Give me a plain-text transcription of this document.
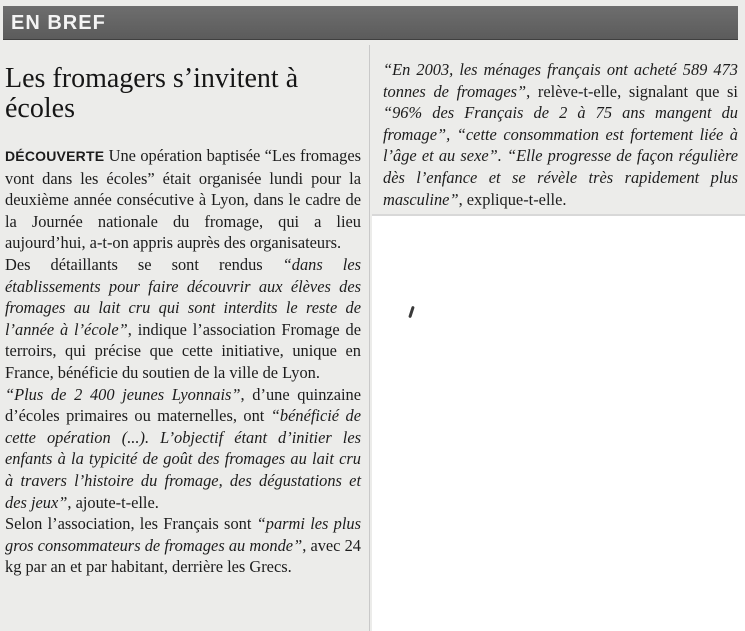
EN BREF
Les fromagers s’invitent à écoles

DÉCOUVERTE Une opération baptisée “Les fromages vont dans les écoles” était organisée lundi pour la deuxième année consécutive à Lyon, dans le cadre de la Journée nationale du fromage, qui a lieu aujourd’hui, a-t-on appris auprès des organisateurs.

Des détaillants se sont rendus “dans les établissements pour faire découvrir aux élèves des fromages au lait cru qui sont interdits le reste de l’année à l’école”, indique l’association Fromage de terroirs, qui précise que cette initiative, unique en France, bénéficie du soutien de la ville de Lyon.

“Plus de 2 400 jeunes Lyonnais”, d’une quinzaine d’écoles primaires ou maternelles, ont “bénéficié de cette opération (...). L’objectif étant d’initier les enfants à la typicité de goût des fromages au lait cru à travers l’histoire du fromage, des dégustations et des jeux”, ajoute-t-elle.

Selon l’association, les Français sont “parmi les plus gros consommateurs de fromages au monde”, avec 24 kg par an et par habitant, derrière les Grecs.

“En 2003, les ménages français ont acheté 589 473 tonnes de fromages”, relève-t-elle, signalant que si “96% des Français de 2 à 75 ans mangent du fromage”, “cette consommation est fortement liée à l’âge et au sexe”. “Elle progresse de façon régulière dès l’enfance et se révèle très rapidement plus masculine”, explique-t-elle.
